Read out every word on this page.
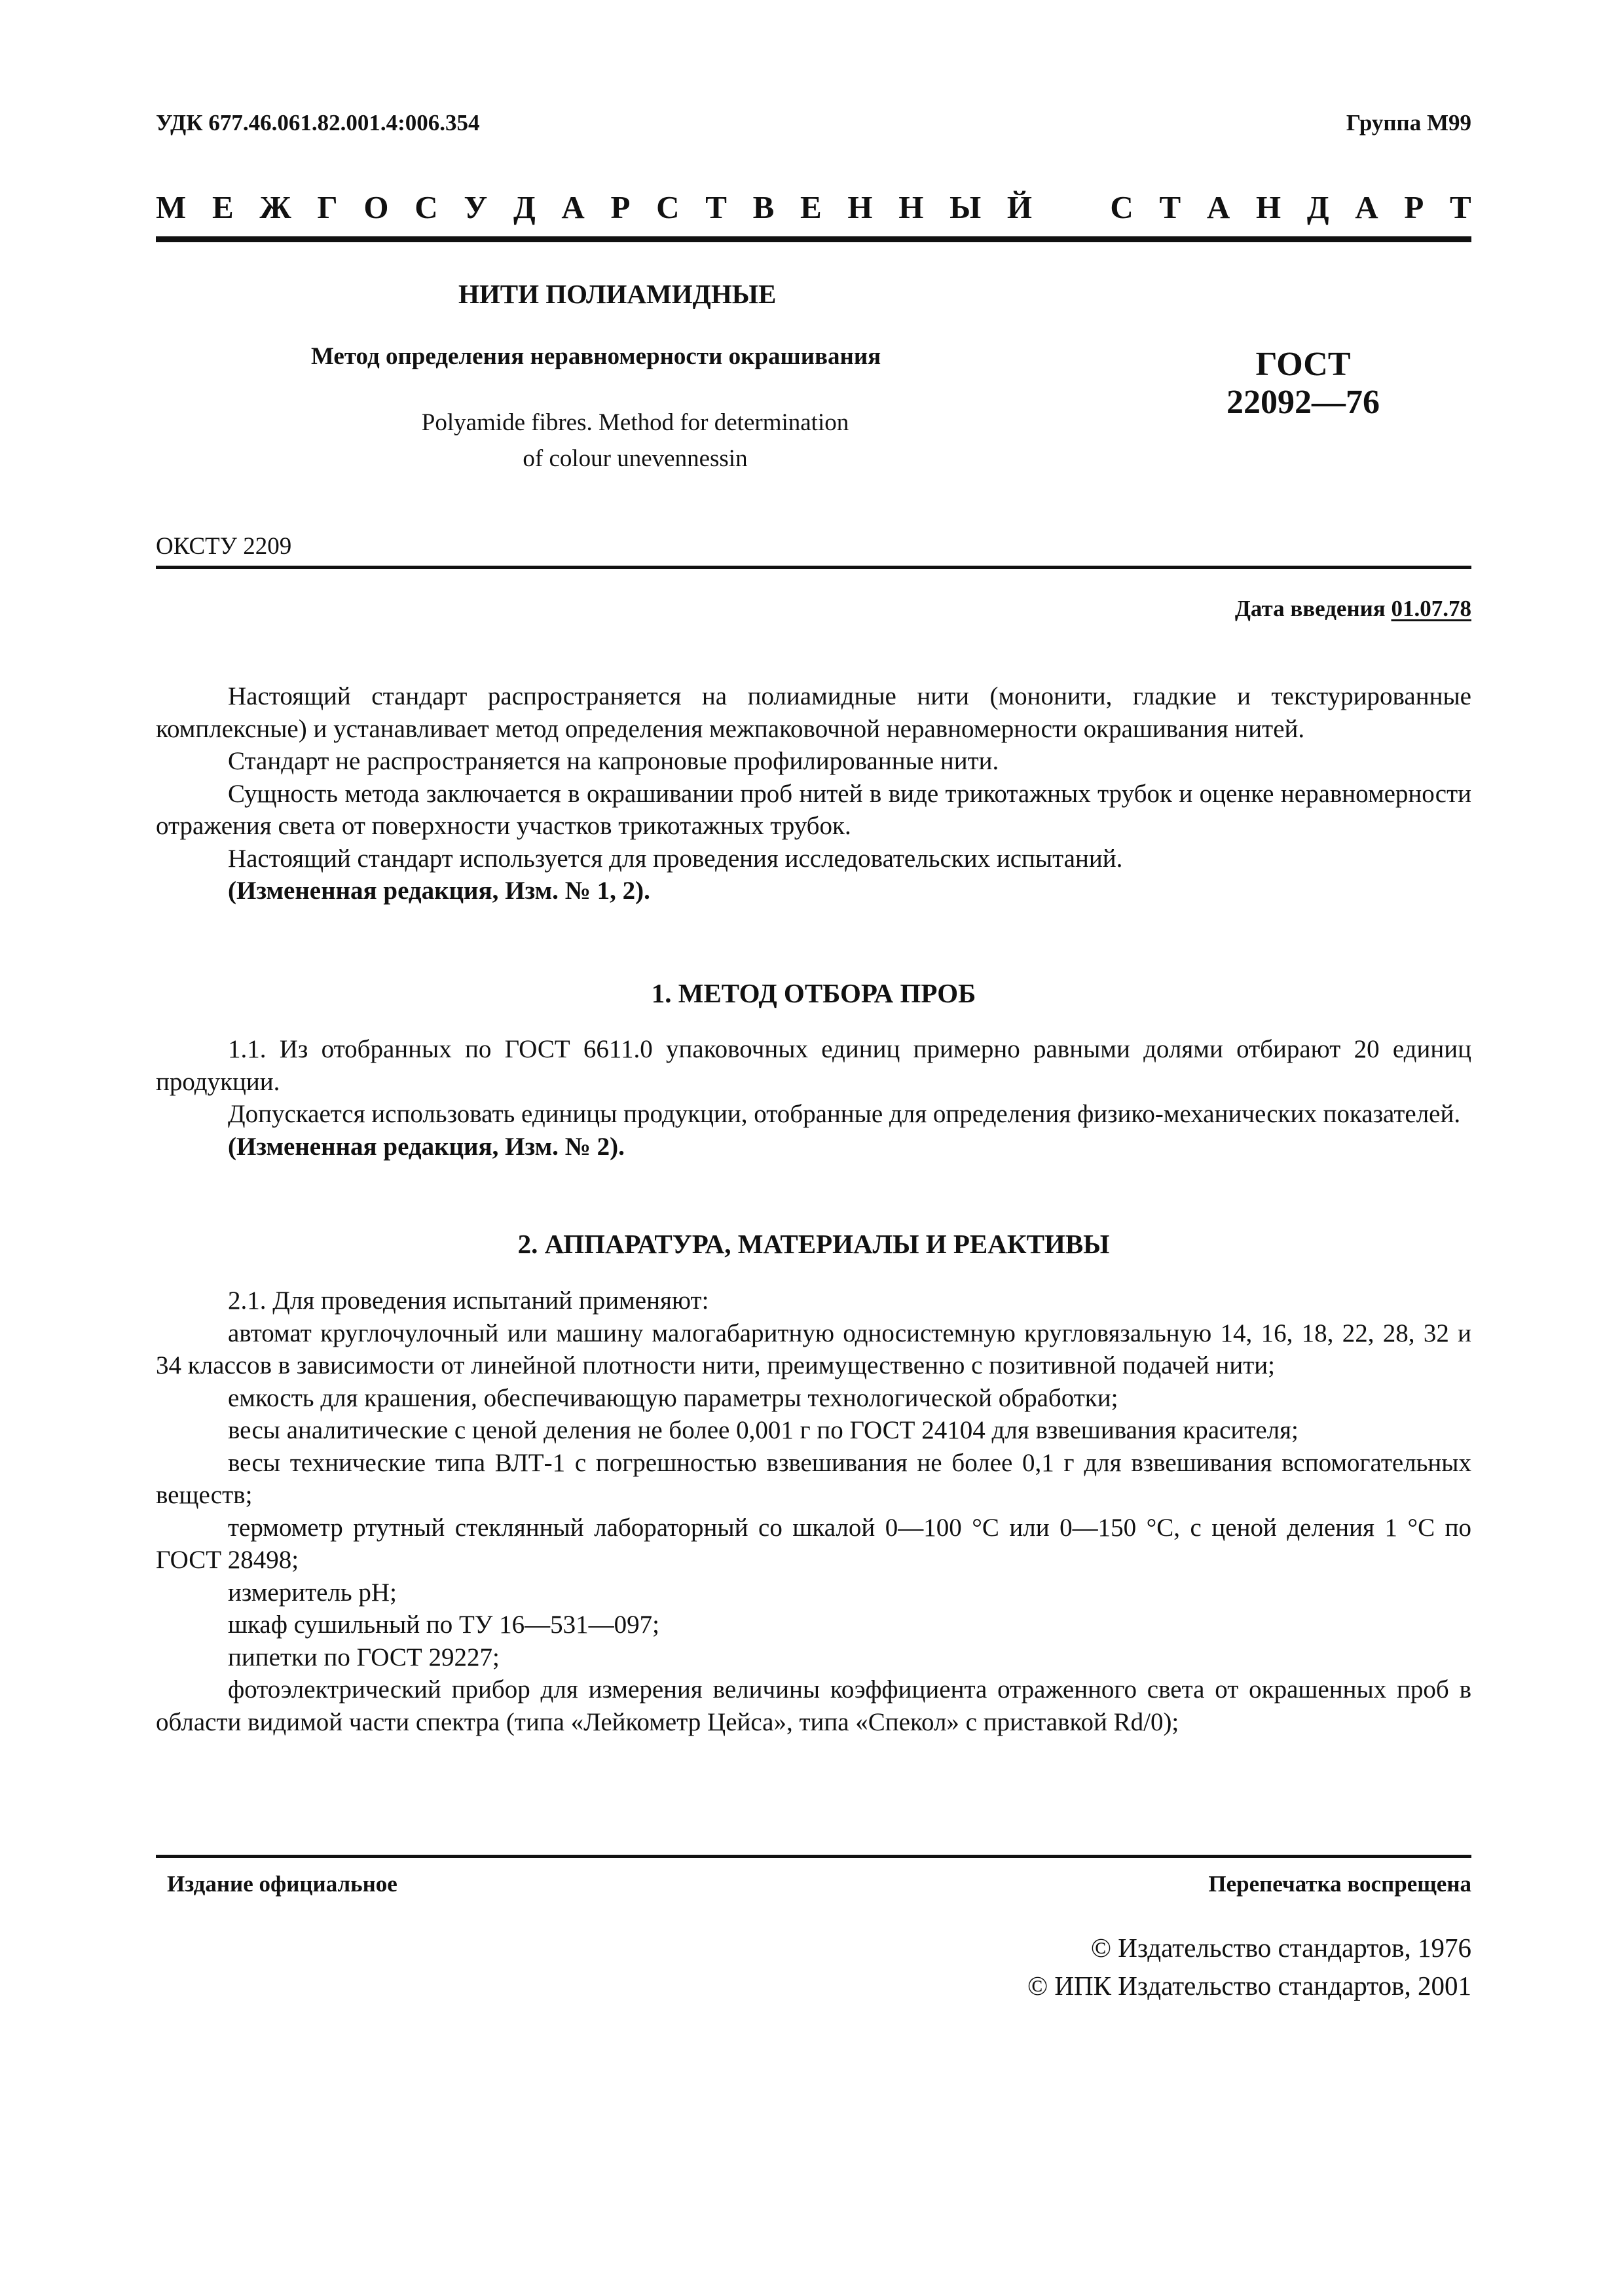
УДК 677.46.061.82.001.4:006.354	Группа М99
М Е Ж Г О С У Д А Р С Т В Е Н Н Ы Й С Т А Н Д А Р Т
НИТИ ПОЛИАМИДНЫЕ
Метод определения неравномерности окрашивания
Polyamide fibres. Method for determination
of colour unevennessin
ГОСТ
22092—76
ОКСТУ 2209
Дата введения 01.07.78

Настоящий стандарт распространяется на полиамидные нити (мононити, гладкие и текстурированные комплексные) и устанавливает метод определения межпаковочной неравномерности окрашивания нитей.

Стандарт не распространяется на капроновые профилированные нити.

Сущность метода заключается в окрашивании проб нитей в виде трикотажных трубок и оценке неравномерности отражения света от поверхности участков трикотажных трубок.

Настоящий стандарт используется для проведения исследовательских испытаний.

(Измененная редакция, Изм. № 1, 2).

1. МЕТОД ОТБОРА ПРОБ

1.1. Из отобранных по ГОСТ 6611.0 упаковочных единиц примерно равными долями отбирают 20 единиц продукции.

Допускается использовать единицы продукции, отобранные для определения физико-механических показателей.

(Измененная редакция, Изм. № 2).

2. АППАРАТУРА, МАТЕРИАЛЫ И РЕАКТИВЫ

2.1. Для проведения испытаний применяют:

автомат круглочулочный или машину малогабаритную односистемную кругловязальную 14, 16, 18, 22, 28, 32 и 34 классов в зависимости от линейной плотности нити, преимущественно с позитивной подачей нити;

емкость для крашения, обеспечивающую параметры технологической обработки;

весы аналитические с ценой деления не более 0,001 г по ГОСТ 24104 для взвешивания красителя;

весы технические типа ВЛТ-1 с погрешностью взвешивания не более 0,1 г для взвешивания вспомогательных веществ;

термометр ртутный стеклянный лабораторный со шкалой 0—100 °С или 0—150 °С, с ценой деления 1 °С по ГОСТ 28498;

измеритель pH;

шкаф сушильный по ТУ 16—531—097;

пипетки по ГОСТ 29227;

фотоэлектрический прибор для измерения величины коэффициента отраженного света от окрашенных проб в области видимой части спектра (типа «Лейкометр Цейса», типа «Спекол» с приставкой Rd/0);

Издание официальное	Перепечатка воспрещена
© Издательство стандартов, 1976
© ИПК Издательство стандартов, 2001
